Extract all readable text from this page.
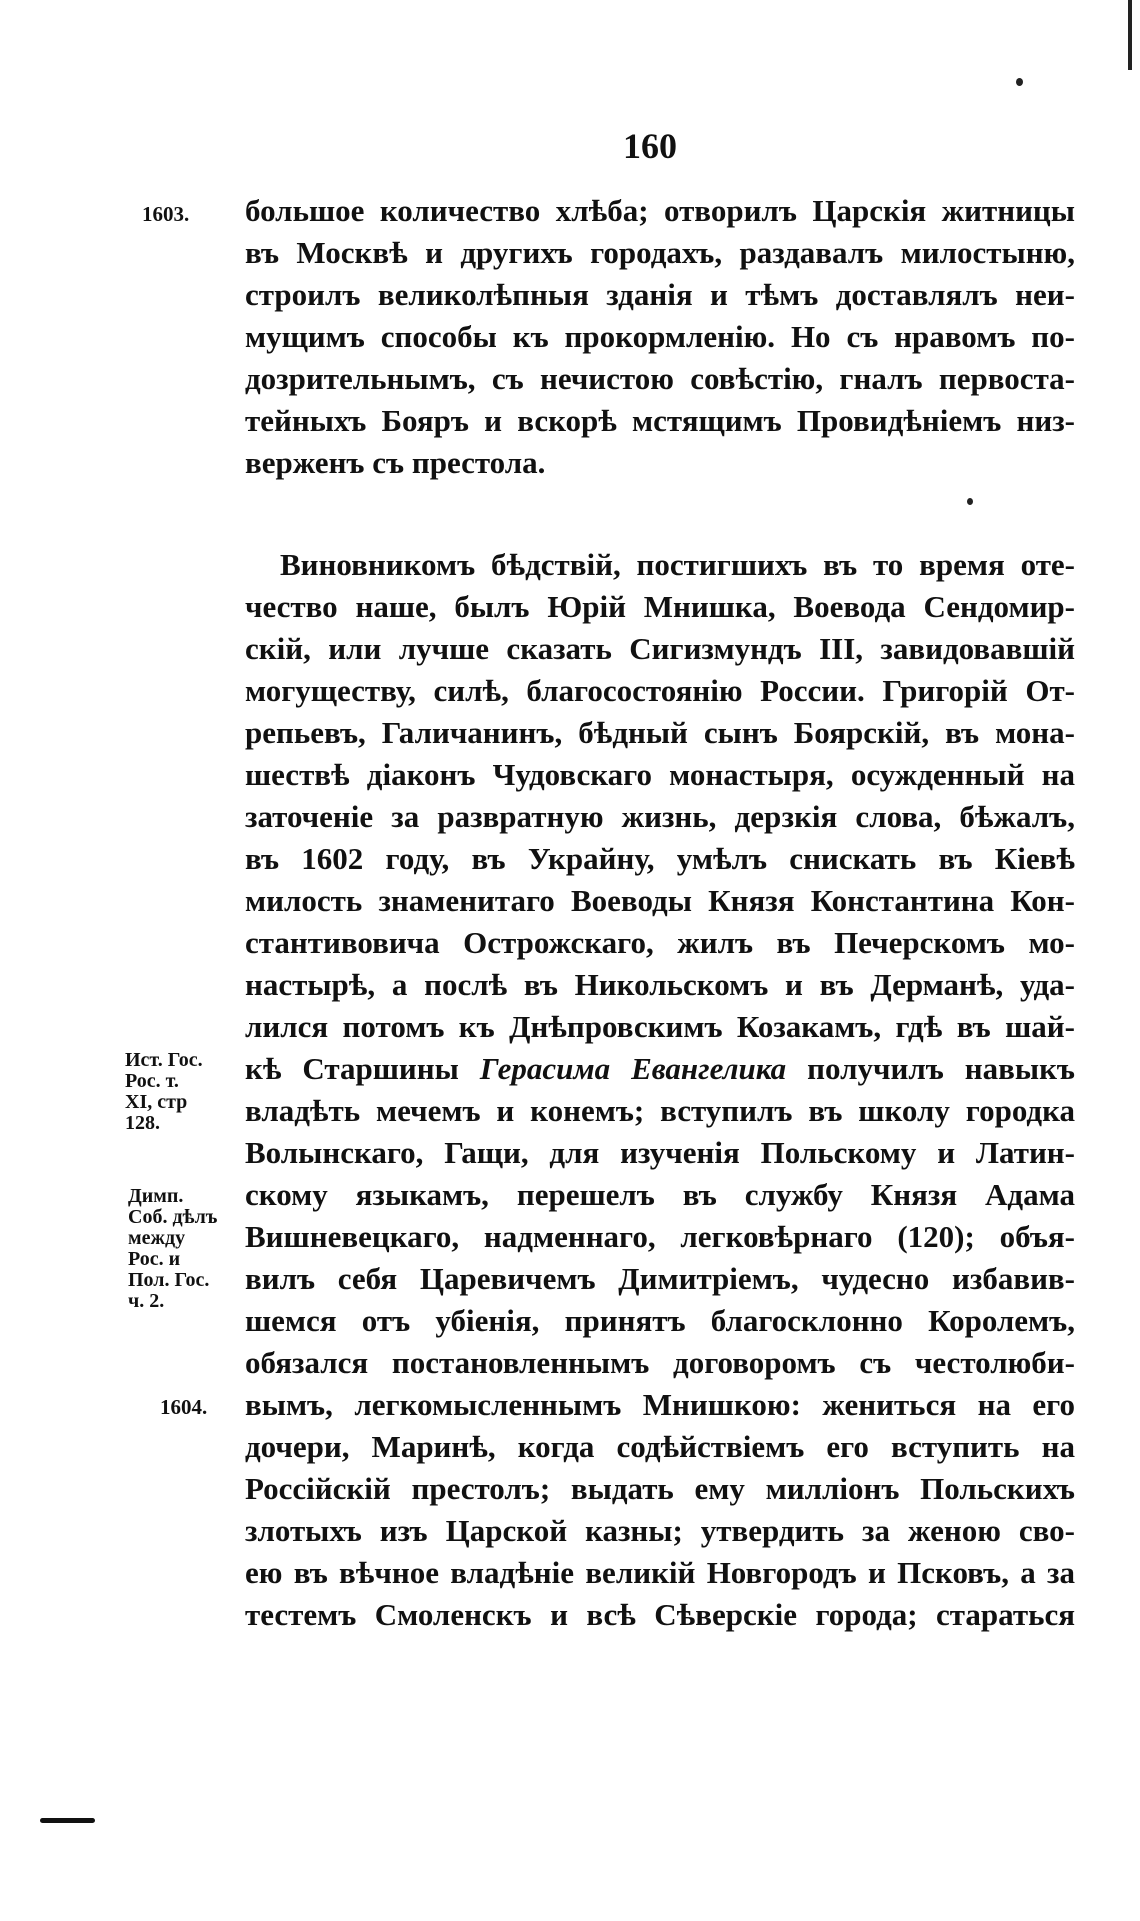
160
1603. большое количество хлѣба; отворилъ Царскія житницы
въ Москвѣ и другихъ городахъ, раздавалъ милостыню,
строилъ великолѣпныя зданія и тѣмъ доставлялъ неи-
мущимъ способы къ прокормленію. Но съ нравомъ по-
дозрительнымъ, съ нечистою совѣстію, гналъ первоста-
тейныхъ Бояръ и вскорѣ мстящимъ Провидѣніемъ низ-
верженъ съ престола.
Виновникомъ бѣдствій, постигшихъ въ то время оте-
чество наше, былъ Юрій Мнишка, Воевода Сендомир-
скій, или лучше сказать Сигизмундъ III, завидовавшій
могуществу, силѣ, благосостоянію России. Григорій От-
репьевъ, Галичанинъ, бѣдный сынъ Боярскій, въ мона-
шествѣ діаконъ Чудовскаго монастыря, осужденный на
заточеніе за развратную жизнь, дерзкія слова, бѣжалъ,
въ 1602 году, въ Украйну, умѣлъ снискать въ Кіевѣ
милость знаменитаго Воеводы Князя Константина Кон-
стантивовича Острожскаго, жилъ въ Печерскомъ мо-
настырѣ, а послѣ въ Никольскомъ и въ Дерманѣ, уда-
лился потомъ къ Днѣпровскимъ Козакамъ, гдѣ въ шай-
кѣ Старшины Герасима Евангелика получилъ навыкъ
владѣть мечемъ и конемъ; вступилъ въ школу городка
Волынскаго, Гащи, для изученія Польскому и Латин-
скому языкамъ, перешелъ въ службу Князя Адама
Вишневецкаго, надменнаго, легковѣрнаго (120); объя-
вилъ себя Царевичемъ Димитріемъ, чудесно избавив-
шемся отъ убіенія, принятъ благосклонно Королемъ,
обязался постановленнымъ договоромъ съ честолюби-
вымъ, легкомысленнымъ Мнишкою: жениться на его
дочери, Маринѣ, когда содѣйствіемъ его вступить на
Россійскій престолъ; выдать ему милліонъ Польскихъ
злотыхъ изъ Царской казны; утвердить за женою сво-
ею въ вѣчное владѣніе великій Новгородъ и Псковъ, а за
тестемъ Смоленскъ и всѣ Сѣверскіе города; стараться
Ист. Гос.
Рос. т.
XI, стр
128.
Димп.
Соб. дѣлъ
между
Рос. и
Пол. Гос.
ч. 2.
1604.
